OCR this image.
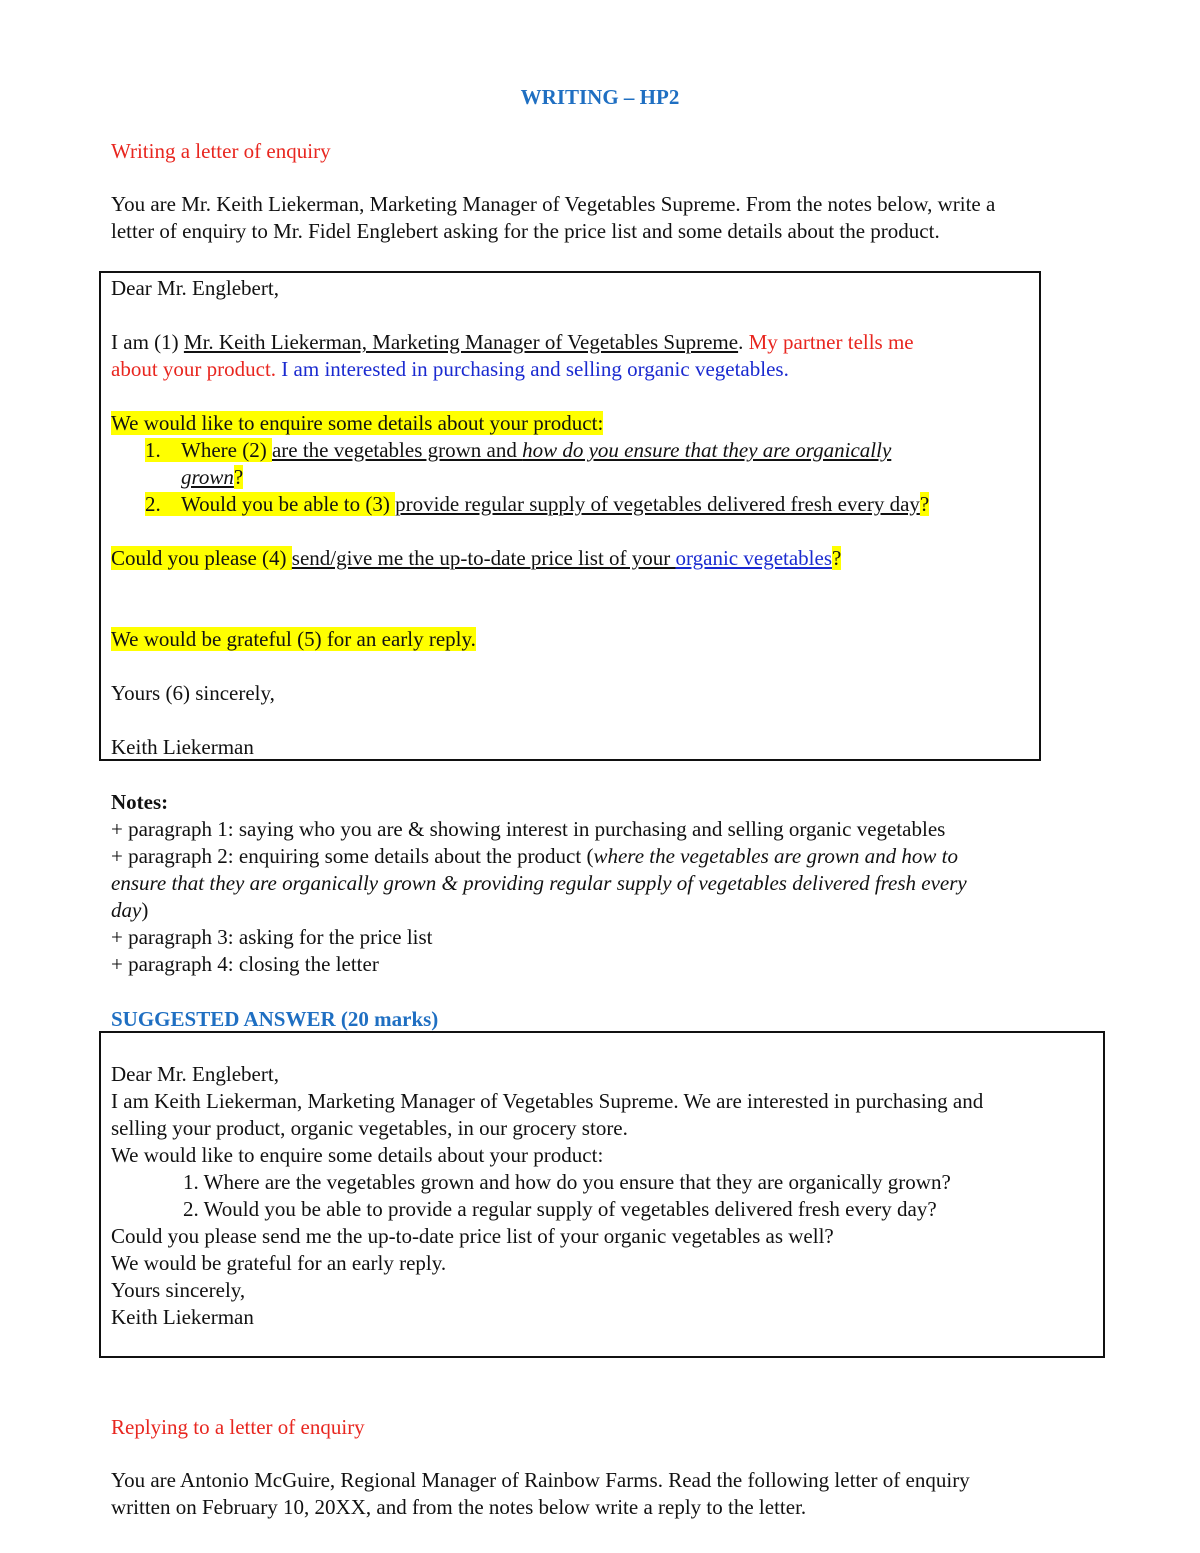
WRITING – HP2
Writing a letter of enquiry
You are Mr. Keith Liekerman, Marketing Manager of Vegetables Supreme. From the notes below, write a
letter of enquiry to Mr. Fidel Englebert asking for the price list and some details about the product.
Dear Mr. Englebert,
I am (1) Mr. Keith Liekerman, Marketing Manager of Vegetables Supreme. My partner tells me
about your product. I am interested in purchasing and selling organic vegetables.
We would like to enquire some details about your product:
1. Where (2) are the vegetables grown and how do you ensure that they are organically
grown?
2. Would you be able to (3) provide regular supply of vegetables delivered fresh every day?
Could you please (4) send/give me the up-to-date price list of your organic vegetables?
We would be grateful (5) for an early reply.
Yours (6) sincerely,
Keith Liekerman
Notes:
+ paragraph 1: saying who you are & showing interest in purchasing and selling organic vegetables
+ paragraph 2: enquiring some details about the product (where the vegetables are grown and how to
ensure that they are organically grown & providing regular supply of vegetables delivered fresh every
day)
+ paragraph 3: asking for the price list
+ paragraph 4: closing the letter
SUGGESTED ANSWER (20 marks)
Dear Mr. Englebert,
I am Keith Liekerman, Marketing Manager of Vegetables Supreme. We are interested in purchasing and
selling your product, organic vegetables, in our grocery store.
We would like to enquire some details about your product:
1. Where are the vegetables grown and how do you ensure that they are organically grown?
2. Would you be able to provide a regular supply of vegetables delivered fresh every day?
Could you please send me the up-to-date price list of your organic vegetables as well?
We would be grateful for an early reply.
Yours sincerely,
Keith Liekerman
Replying to a letter of enquiry
You are Antonio McGuire, Regional Manager of Rainbow Farms. Read the following letter of enquiry
written on February 10, 20XX, and from the notes below write a reply to the letter.
